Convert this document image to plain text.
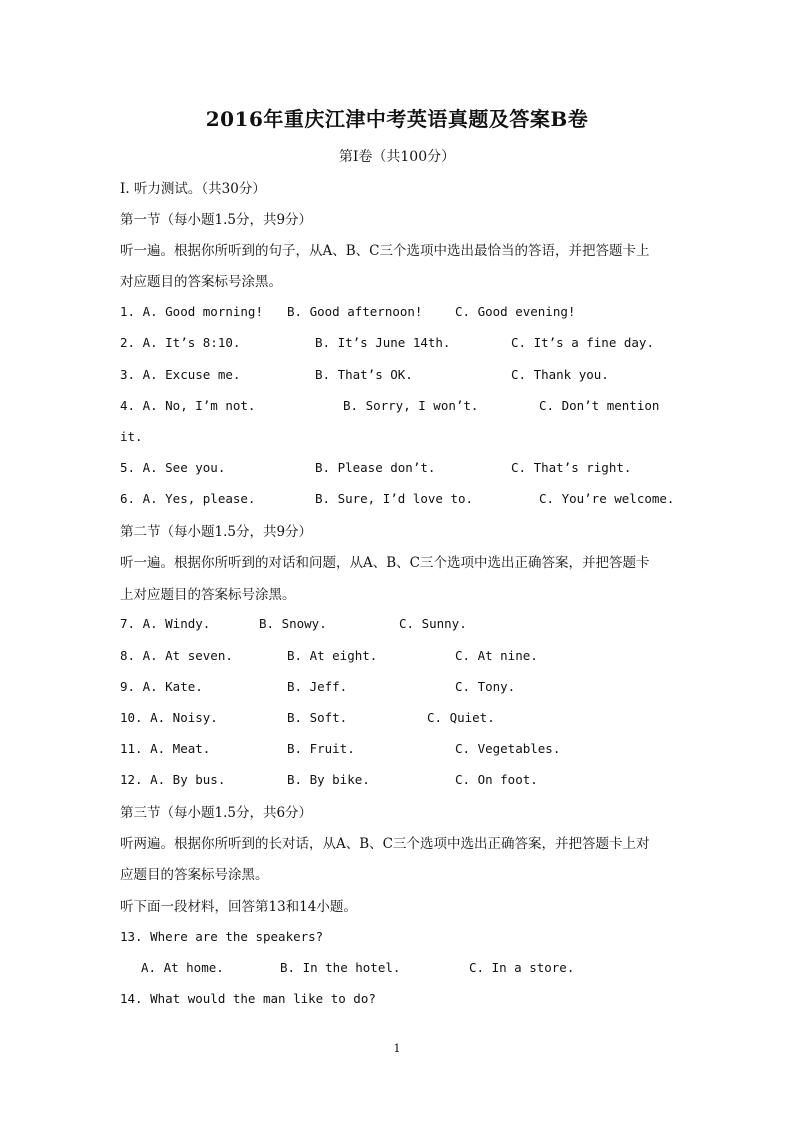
2016年重庆江津中考英语真题及答案B卷
第I卷（共100分）
I. 听力测试。（共30分）
第一节（每小题1.5分，共9分）
听一遍。根据你所听到的句子，从A、B、C三个选项中选出最恰当的答语，并把答题卡上
对应题目的答案标号涂黑。
1. A. Good morning! B. Good afternoon!	C. Good evening!
2. A. It’s 8:10.	B. It’s June 14th.	C. It’s a fine day.
3. A. Excuse me.	B. That’s OK.	C. Thank you.
4. A. No, I’m not.	B. Sorry, I won’t.	C. Don’t mention
it.
5. A. See you.	B. Please don’t.	C. That’s right.
6. A. Yes, please.	B. Sure, I’d love to.	C. You’re welcome.
第二节（每小题1.5分，共9分）
听一遍。根据你所听到的对话和问题，从A、B、C三个选项中选出正确答案，并把答题卡
上对应题目的答案标号涂黑。
7. A. Windy.	B. Snowy.	C. Sunny.
8. A. At seven.	B. At eight.	C. At nine.
9. A. Kate.	B. Jeff.	C. Tony.
10. A. Noisy.	B. Soft.	C. Quiet.
11. A. Meat.	B. Fruit.	C. Vegetables.
12. A. By bus.	B. By bike.	C. On foot.
第三节（每小题1.5分，共6分）
听两遍。根据你所听到的长对话，从A、B、C三个选项中选出正确答案，并把答题卡上对
应题目的答案标号涂黑。
听下面一段材料，回答第13和14小题。
13. Where are the speakers?
A. At home.	B. In the hotel.	C. In a store.
14. What would the man like to do?
1
